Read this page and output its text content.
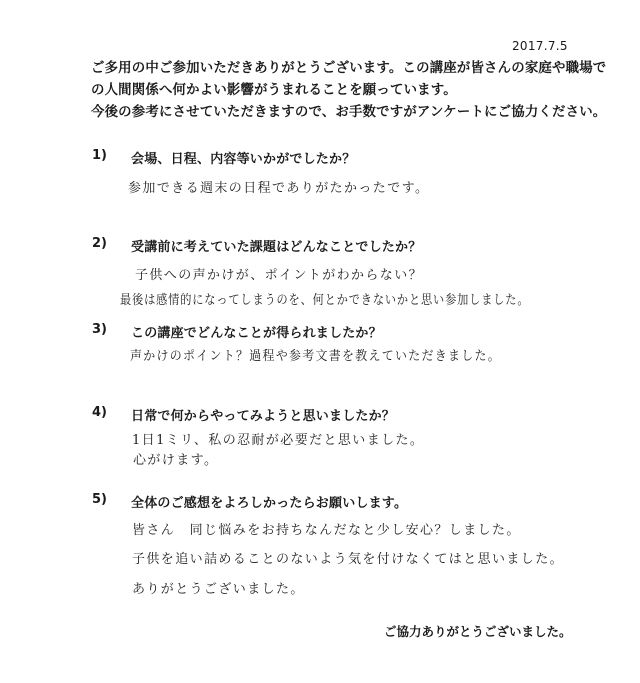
2017.7.5
ご多用の中ご参加いただきありがとうございます。この講座が皆さんの家庭や職場で
の人間関係へ何かよい影響がうまれることを願っています。
今後の参考にさせていただきますので、お手数ですがアンケートにご協力ください。
1) 会場、日程、内容等いかがでしたか？
参加できる週末の日程でありがたかったです。
2) 受講前に考えていた課題はどんなことでしたか？
子供への声かけが、ポイントがわからない？
最後は感情的になってしまうのを、何とかできないかと思い参加しました。
3) この講座でどんなことが得られましたか？
声かけのポイント？過程や参考文書を教えていただきました。
4) 日常で何からやってみようと思いましたか？
1日1ミリ、私の忍耐が必要だと思いました。
心がけます。
5) 全体のご感想をよろしかったらお願いします。
皆さん　同じ悩みをお持ちなんだなと少し安心？しました。
子供を追い詰めることのないよう気を付けなくてはと思いました。
ありがとうございました。
ご協力ありがとうございました。
